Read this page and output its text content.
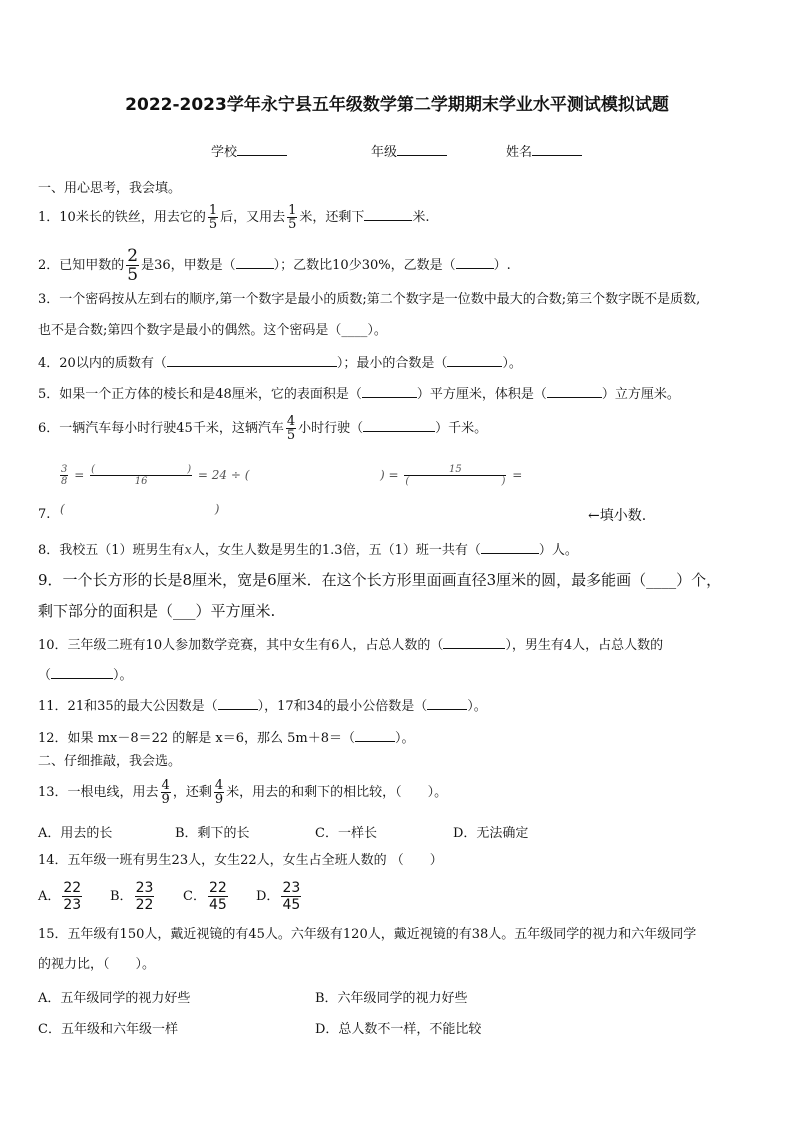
2022-2023学年永宁县五年级数学第二学期期末学业水平测试模拟试题
学校	年级	姓名
一、用心思考，我会填。
1．10米长的铁丝，用去它的 $\frac{1}{5}$ 后，又用去 $\frac{1}{5}$ 米，还剩下	米.
2．已知甲数的 $\frac{2}{5}$ 是36，甲数是（	）；乙数比10少30%，乙数是（	）.
3．一个密码按从左到右的顺序,第一个数字是最小的质数;第二个数字是一位数中最大的合数;第三个数字既不是质数,
也不是合数;第四个数字是最小的偶然。这个密码是（____）。
4．20以内的质数有（	）；最小的合数是（	）。
5．如果一个正方体的棱长和是48厘米，它的表面积是（	）平方厘米，体积是（	）立方厘米。
6．一辆汽车每小时行驶45千米，这辆汽车 $\frac{4}{5}$ 小时行驶（	）千米。
$\frac{3}{8}$ = (	)
16 = 24 ÷ (	) = 15
(	) =
7. (	)	←填小数.
8．我校五（1）班男生有x人，女生人数是男生的1.3倍，五（1）班一共有（	）人。
9．一个长方形的长是8厘米，宽是6厘米．在这个长方形里面画直径3厘米的圆，最多能画（____）个，
剩下部分的面积是（___）平方厘米.
10．三年级二班有10人参加数学竞赛，其中女生有6人，占总人数的（	），男生有4人，占总人数的
（	）。
11．21和35的最大公因数是（	），17和34的最小公倍数是（	）。
12．如果 mx－8＝22 的解是 x＝6，那么 5m＋8＝（	）。
二、仔细推敲，我会选。
13．一根电线，用去 $\frac{4}{9}$ ，还剩 $\frac{4}{9}$ 米，用去的和剩下的相比较，（　　）。
A．用去的长	B．剩下的长	C．一样长	D．无法确定
14．五年级一班有男生23人，女生22人，女生占全班人数的 （　　）
A． $\frac{22}{23}$ B． $\frac{23}{22}$ C． $\frac{22}{45}$ D． $\frac{23}{45}$
15．五年级有150人，戴近视镜的有45人。六年级有120人，戴近视镜的有38人。五年级同学的视力和六年级同学
的视力比，（　　）。
A．五年级同学的视力好些	B．六年级同学的视力好些
C．五年级和六年级一样	D．总人数不一样，不能比较
